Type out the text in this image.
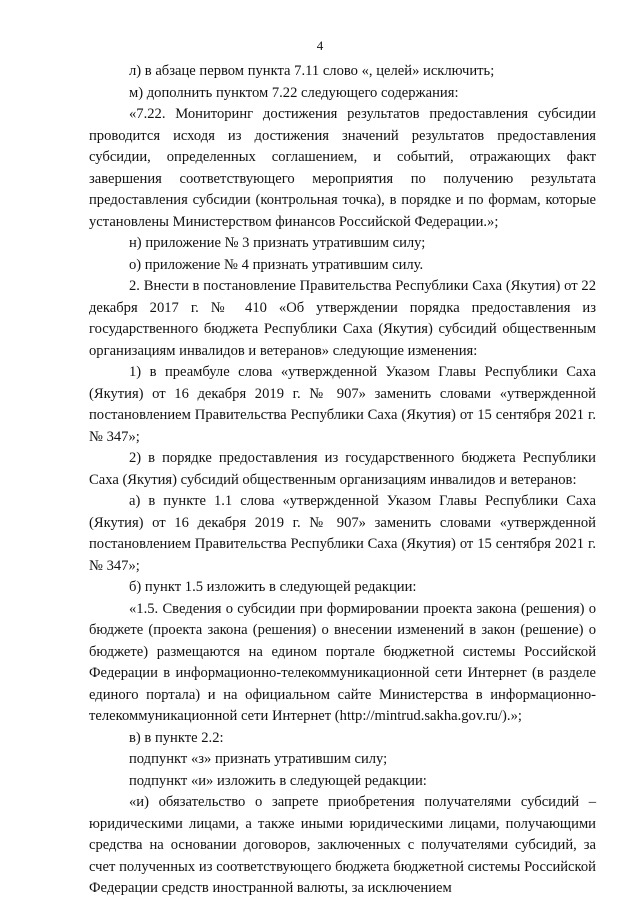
4

л) в абзаце первом пункта 7.11 слово «, целей» исключить;

м) дополнить пунктом 7.22 следующего содержания:

«7.22. Мониторинг достижения результатов предоставления субсидии проводится исходя из достижения значений результатов предоставления субсидии, определенных соглашением, и событий, отражающих факт завершения соответствующего мероприятия по получению результата предоставления субсидии (контрольная точка), в порядке и по формам, которые установлены Министерством финансов Российской Федерации.»;

н) приложение № 3 признать утратившим силу;

о) приложение № 4 признать утратившим силу.

2. Внести в постановление Правительства Республики Саха (Якутия) от 22 декабря 2017 г. № 410 «Об утверждении порядка предоставления из государственного бюджета Республики Саха (Якутия) субсидий общественным организациям инвалидов и ветеранов» следующие изменения:

1) в преамбуле слова «утвержденной Указом Главы Республики Саха (Якутия) от 16 декабря 2019 г. № 907» заменить словами «утвержденной постановлением Правительства Республики Саха (Якутия) от 15 сентября 2021 г. № 347»;

2) в порядке предоставления из государственного бюджета Республики Саха (Якутия) субсидий общественным организациям инвалидов и ветеранов:

а) в пункте 1.1 слова «утвержденной Указом Главы Республики Саха (Якутия) от 16 декабря 2019 г. № 907» заменить словами «утвержденной постановлением Правительства Республики Саха (Якутия) от 15 сентября 2021 г. № 347»;

б) пункт 1.5 изложить в следующей редакции:

«1.5. Сведения о субсидии при формировании проекта закона (решения) о бюджете (проекта закона (решения) о внесении изменений в закон (решение) о бюджете) размещаются на едином портале бюджетной системы Российской Федерации в информационно-телекоммуникационной сети Интернет (в разделе единого портала) и на официальном сайте Министерства в информационно-телекоммуникационной сети Интернет (http://mintrud.sakha.gov.ru/).»;

в) в пункте 2.2:

подпункт «з» признать утратившим силу;

подпункт «и» изложить в следующей редакции:

«и) обязательство о запрете приобретения получателями субсидий – юридическими лицами, а также иными юридическими лицами, получающими средства на основании договоров, заключенных с получателями субсидий, за счет полученных из соответствующего бюджета бюджетной системы Российской Федерации средств иностранной валюты, за исключением
